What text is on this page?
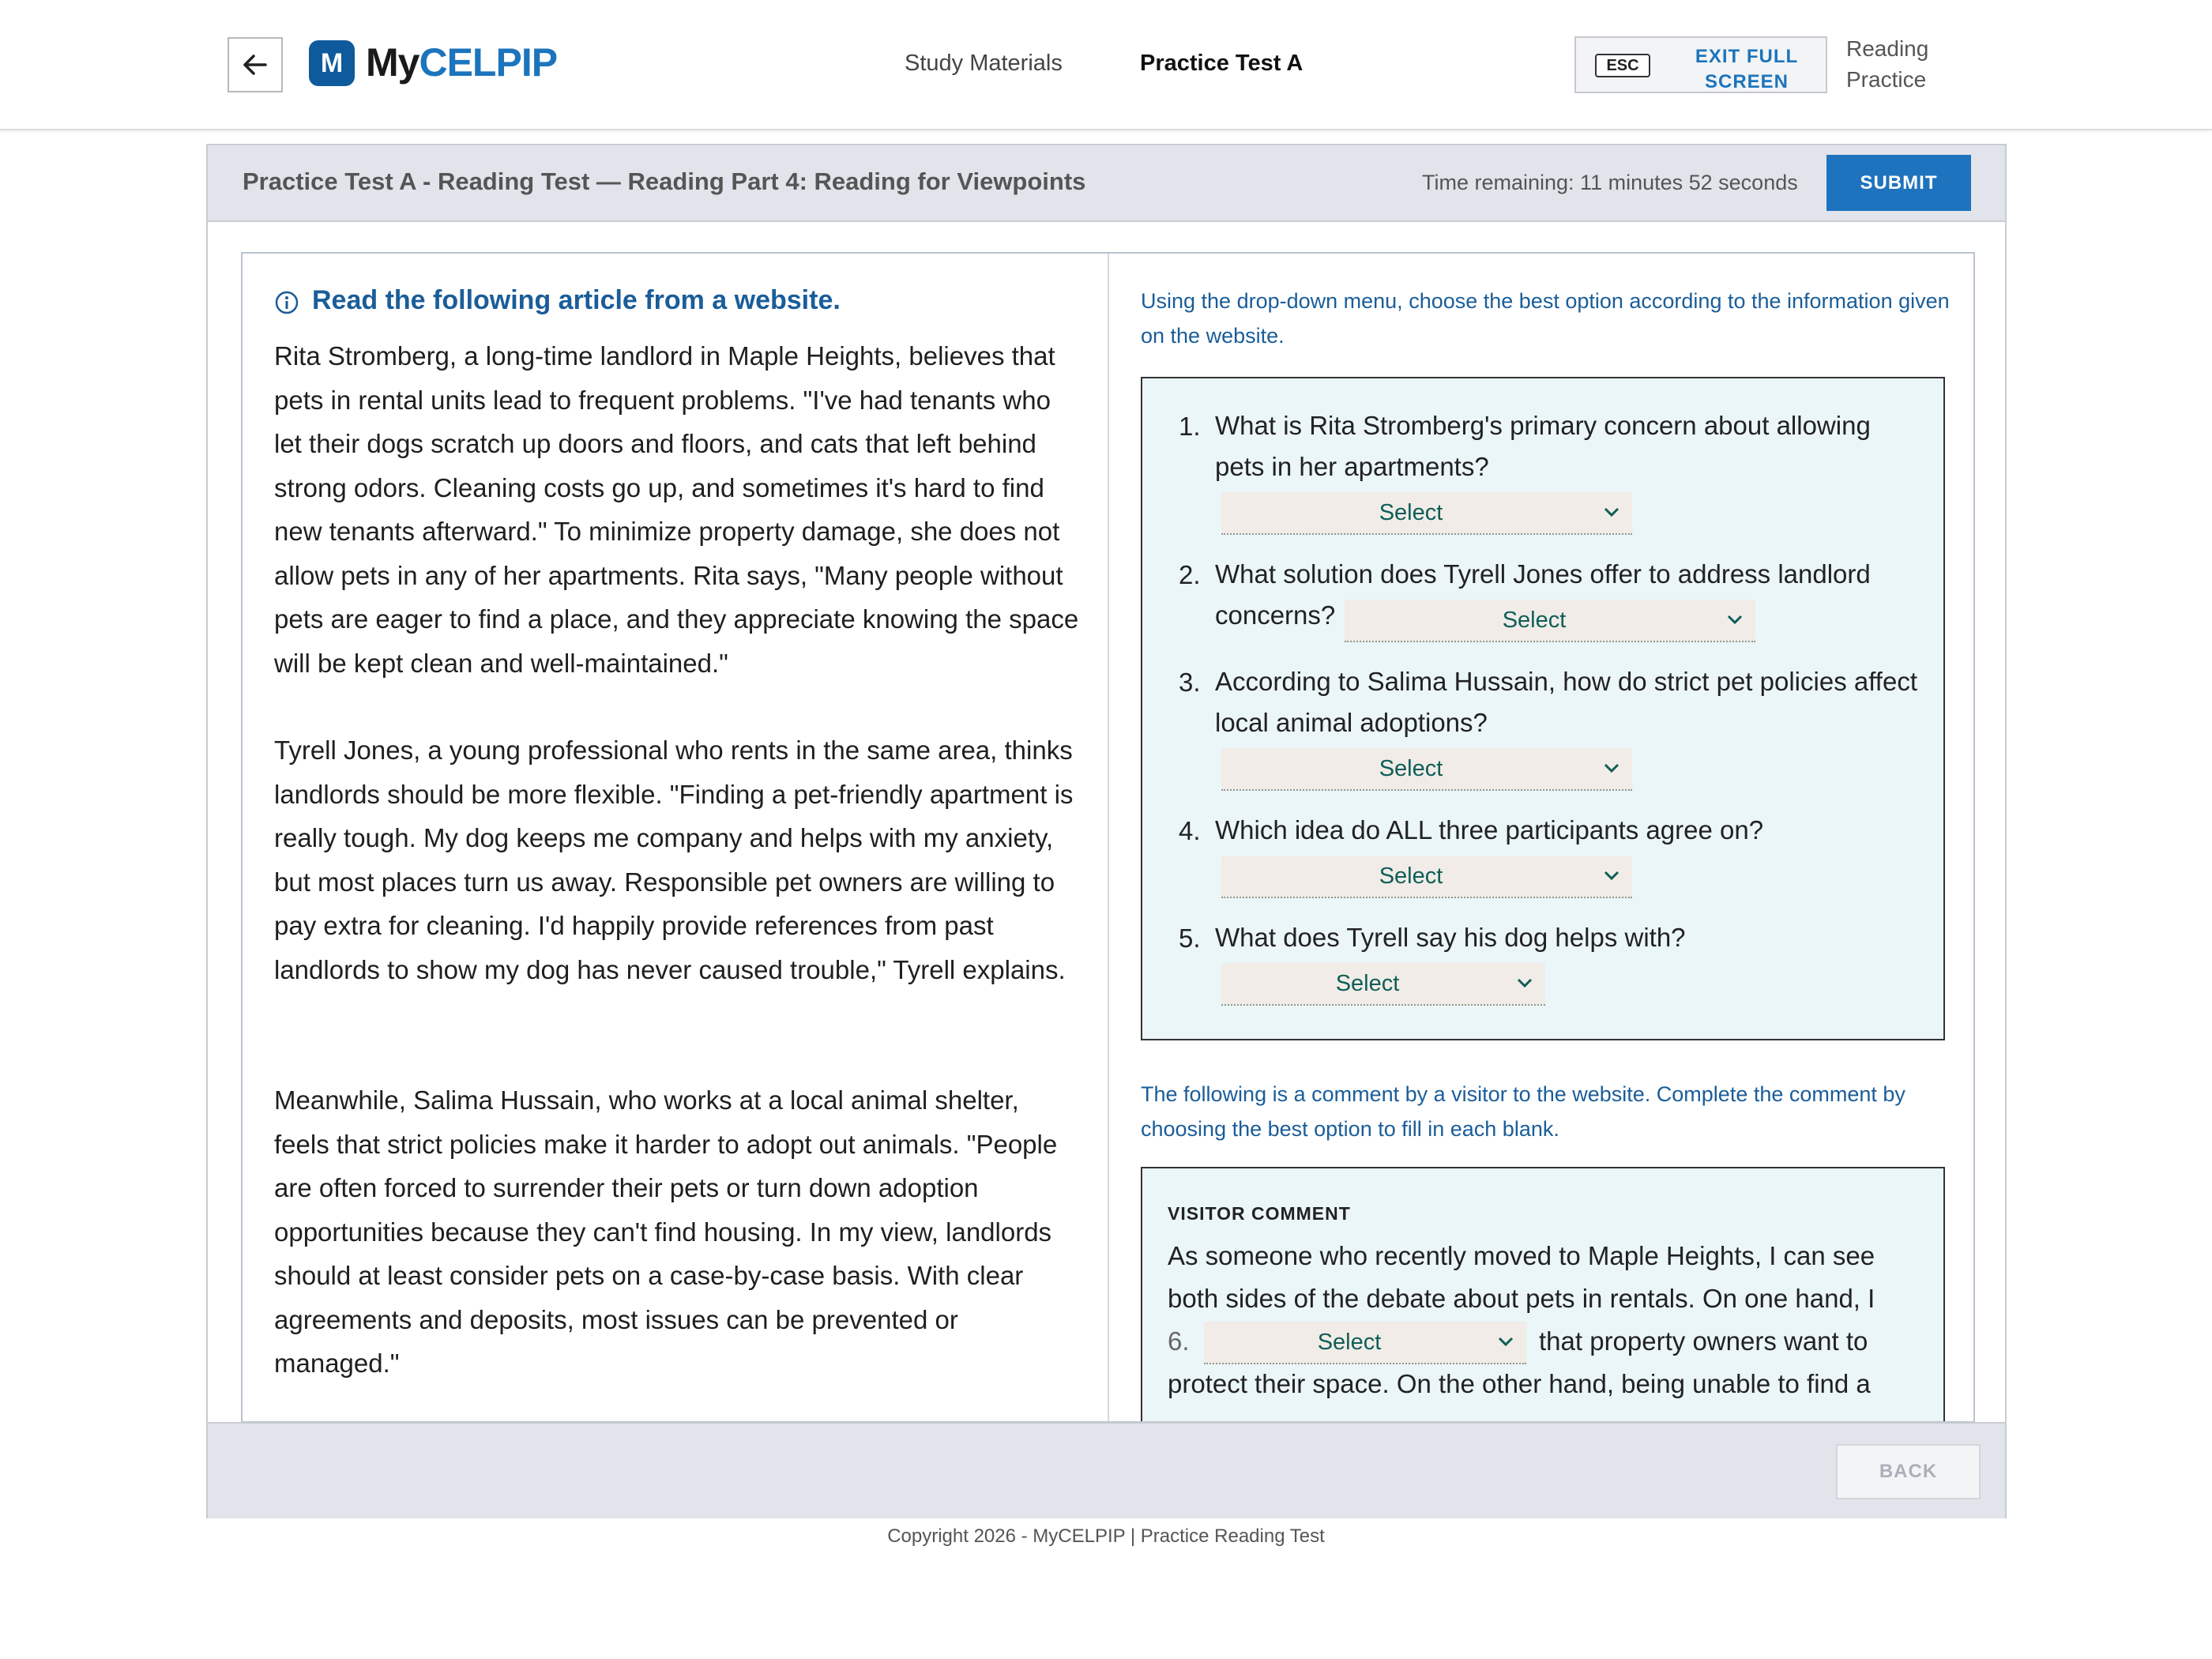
M MyCELPIP	Study Materials	Practice Test A	ESC	EXIT FULL SCREEN
Reading Practice
Practice Test A - Reading Test — Reading Part 4: Reading for Viewpoints	Time remaining: 11 minutes 52 seconds	SUBMIT
Read the following article from a website.
Rita Stromberg, a long-time landlord in Maple Heights, believes that pets in rental units lead to frequent problems. "I've had tenants who let their dogs scratch up doors and floors, and cats that left behind strong odors. Cleaning costs go up, and sometimes it's hard to find new tenants afterward." To minimize property damage, she does not allow pets in any of her apartments. Rita says, "Many people without pets are eager to find a place, and they appreciate knowing the space will be kept clean and well-maintained."
Tyrell Jones, a young professional who rents in the same area, thinks landlords should be more flexible. "Finding a pet-friendly apartment is really tough. My dog keeps me company and helps with my anxiety, but most places turn us away. Responsible pet owners are willing to pay extra for cleaning. I'd happily provide references from past landlords to show my dog has never caused trouble," Tyrell explains.
Meanwhile, Salima Hussain, who works at a local animal shelter, feels that strict policies make it harder to adopt out animals. "People are often forced to surrender their pets or turn down adoption opportunities because they can't find housing. In my view, landlords should at least consider pets on a case-by-case basis. With clear agreements and deposits, most issues can be prevented or managed."
Using the drop-down menu, choose the best option according to the information given on the website.
1. What is Rita Stromberg's primary concern about allowing pets in her apartments?
Select
2. What solution does Tyrell Jones offer to address landlord concerns?	Select
3. According to Salima Hussain, how do strict pet policies affect local animal adoptions?
Select
4. Which idea do ALL three participants agree on?
Select
5. What does Tyrell say his dog helps with?
Select
The following is a comment by a visitor to the website. Complete the comment by choosing the best option to fill in each blank.
VISITOR COMMENT
As someone who recently moved to Maple Heights, I can see
both sides of the debate about pets in rentals. On one hand, I
6.	Select	that property owners want to
protect their space. On the other hand, being unable to find a
BACK
Copyright 2026 - MyCELPIP | Practice Reading Test
